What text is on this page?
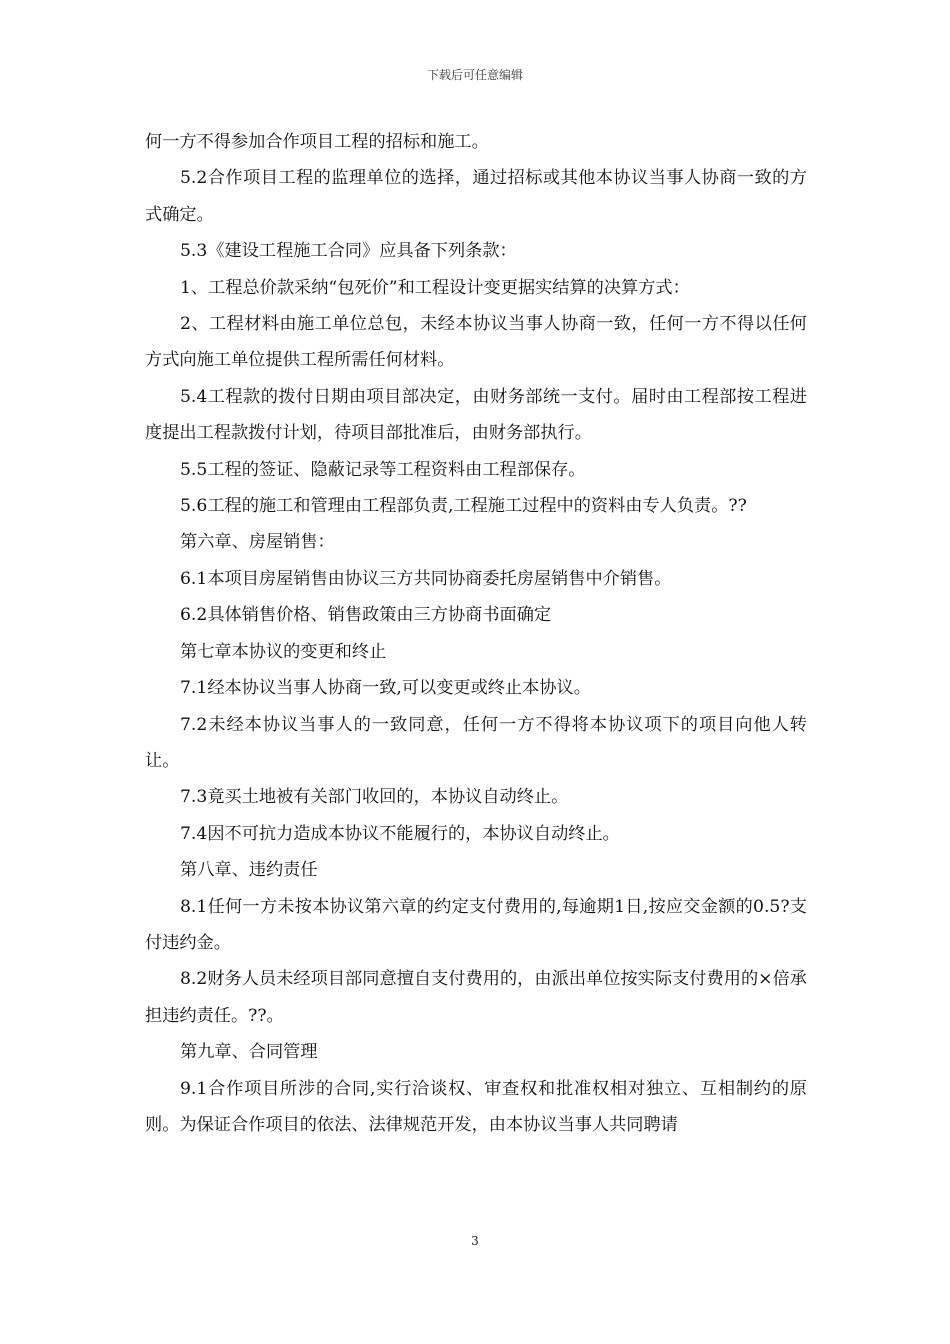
下载后可任意编辑

何一方不得参加合作项目工程的招标和施工。

5.2合作项目工程的监理单位的选择，通过招标或其他本协议当事人协商一致的方式确定。

5.3《建设工程施工合同》应具备下列条款：

1、工程总价款采纳“包死价”和工程设计变更据实结算的决算方式：

2、工程材料由施工单位总包，未经本协议当事人协商一致，任何一方不得以任何方式向施工单位提供工程所需任何材料。

5.4工程款的拨付日期由项目部决定，由财务部统一支付。届时由工程部按工程进度提出工程款拨付计划，待项目部批准后，由财务部执行。

5.5工程的签证、隐蔽记录等工程资料由工程部保存。

5.6工程的施工和管理由工程部负责,工程施工过程中的资料由专人负责。??

第六章、房屋销售：

6.1本项目房屋销售由协议三方共同协商委托房屋销售中介销售。

6.2具体销售价格、销售政策由三方协商书面确定

第七章本协议的变更和终止

7.1经本协议当事人协商一致,可以变更或终止本协议。

7.2未经本协议当事人的一致同意，任何一方不得将本协议项下的项目向他人转让。

7.3竟买土地被有关部门收回的，本协议自动终止。

7.4因不可抗力造成本协议不能履行的，本协议自动终止。

第八章、违约责任

8.1任何一方未按本协议第六章的约定支付费用的,每逾期1日,按应交金额的0.5?支付违约金。

8.2财务人员未经项目部同意擅自支付费用的，由派出单位按实际支付费用的×倍承担违约责任。??。

第九章、合同管理

9.1合作项目所涉的合同,实行洽谈权、审查权和批准权相对独立、互相制约的原则。为保证合作项目的依法、法律规范开发，由本协议当事人共同聘请

3
